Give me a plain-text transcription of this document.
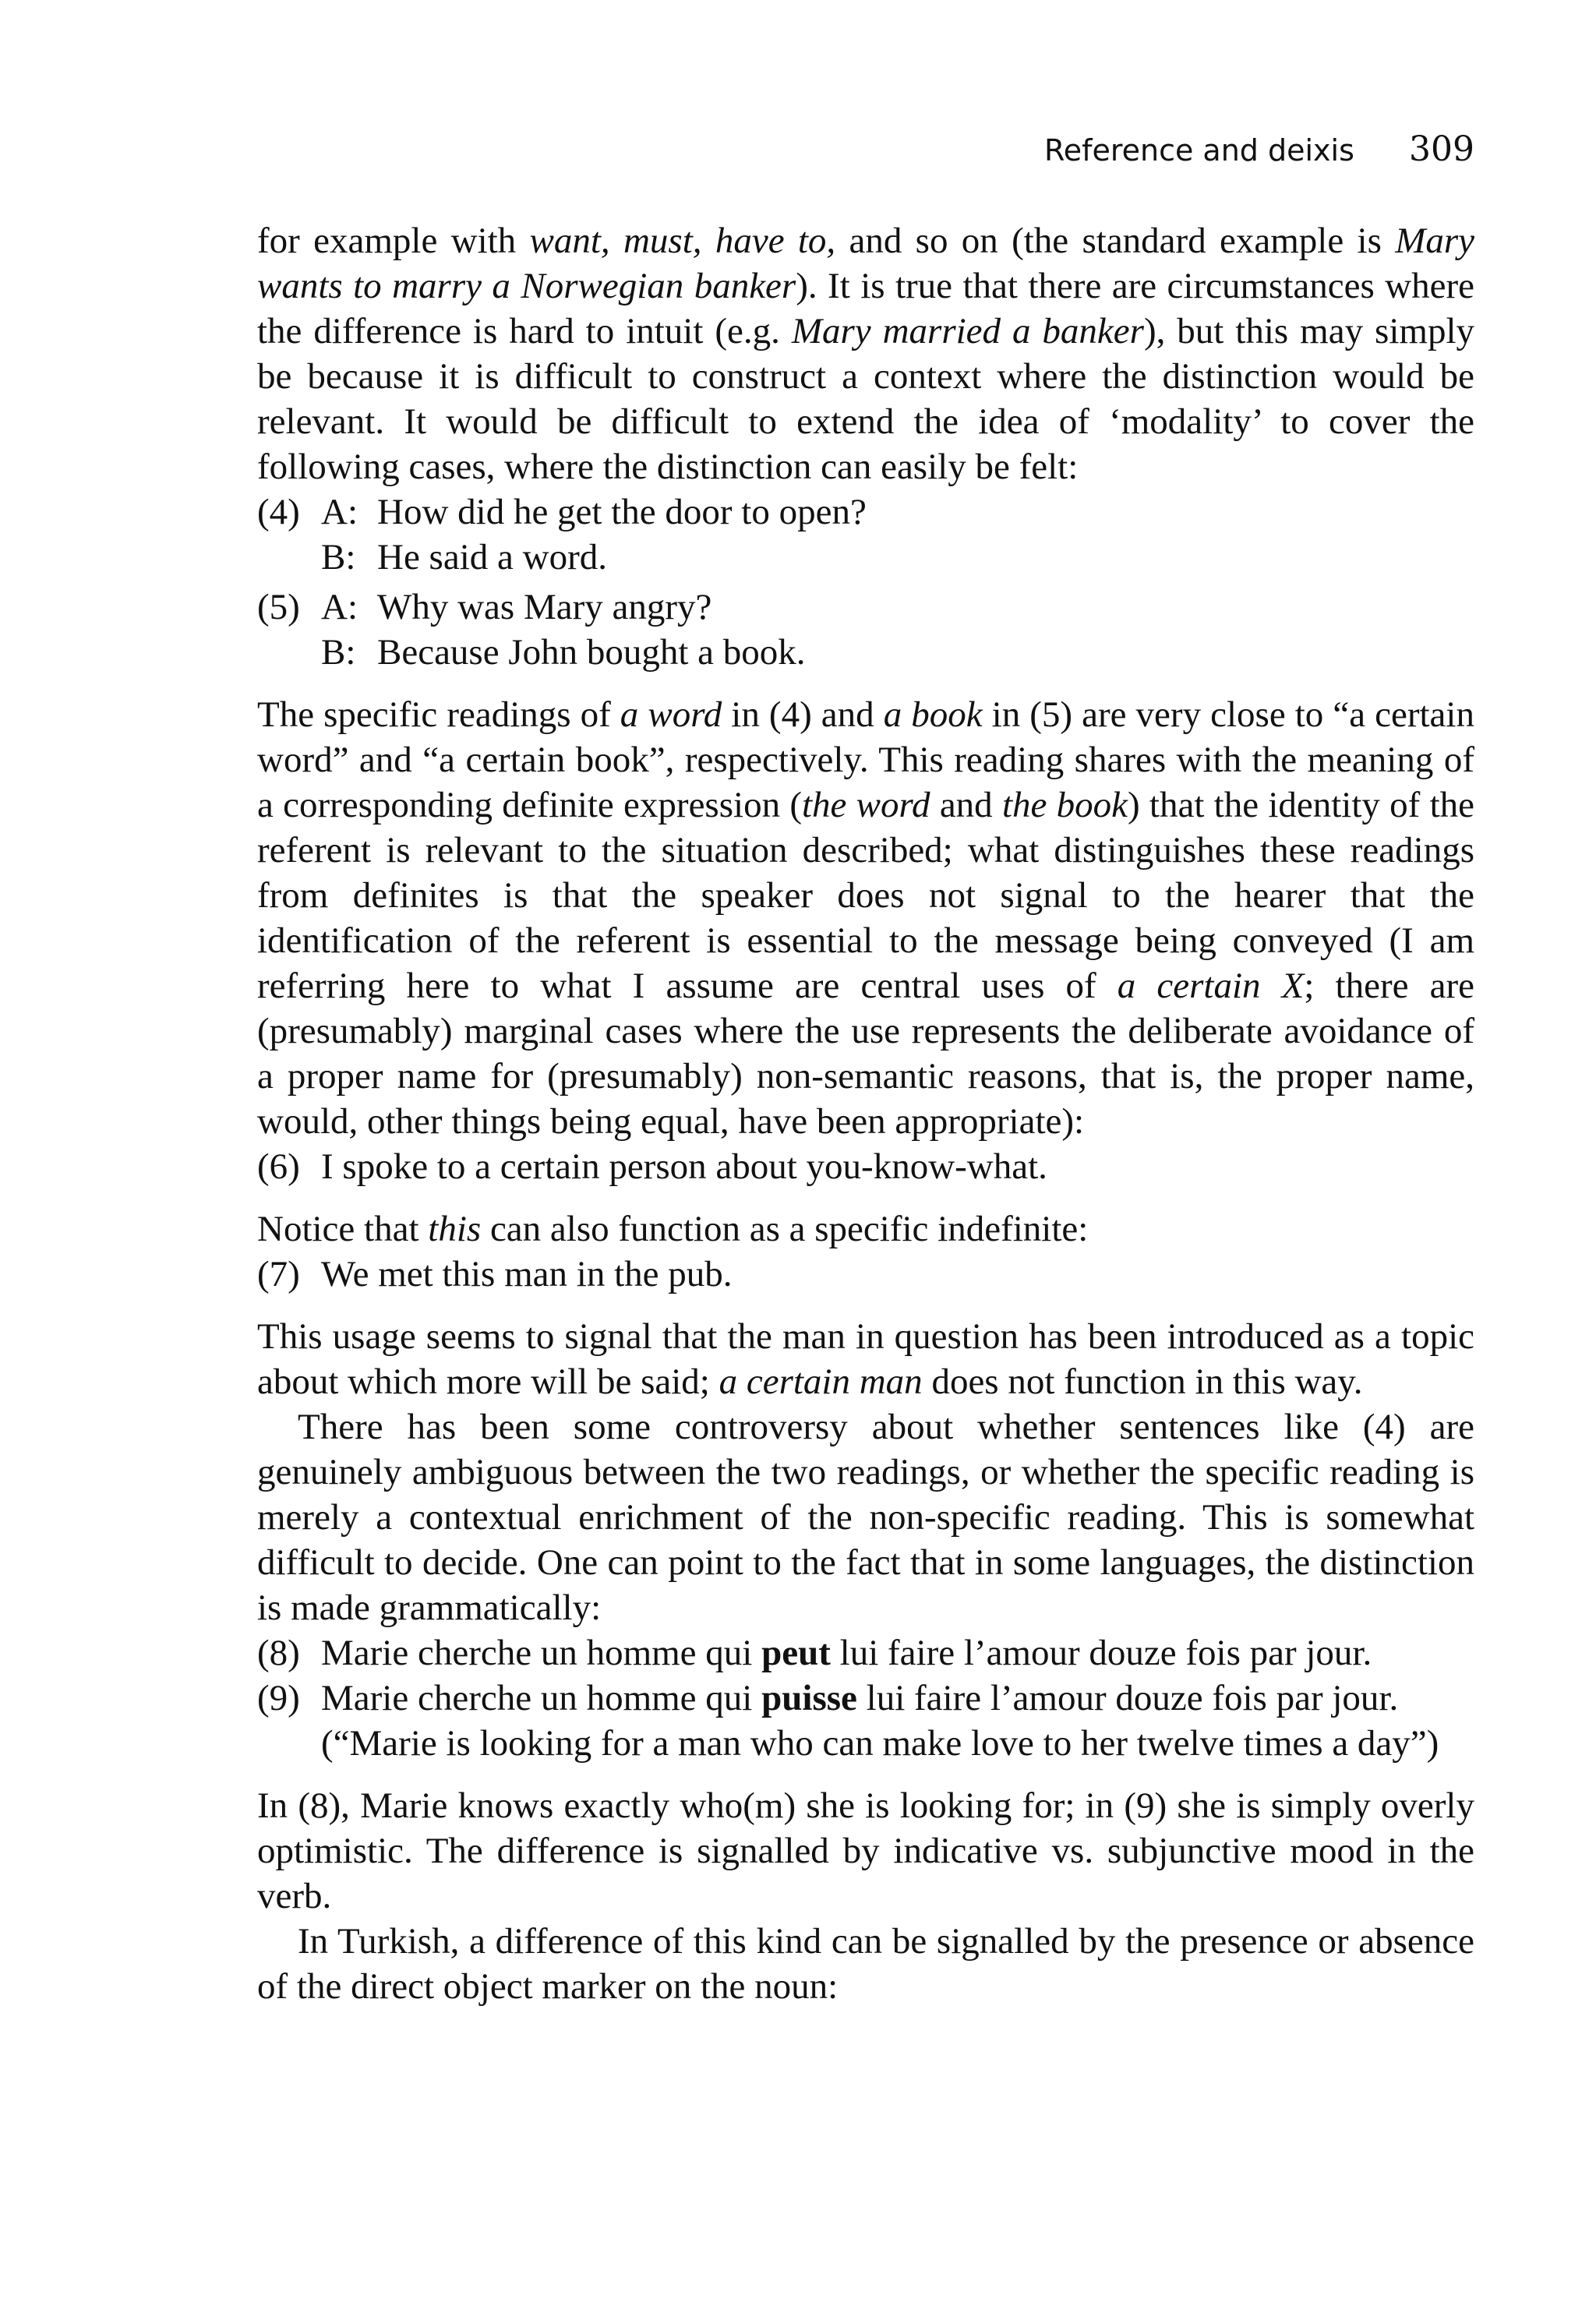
Reference and deixis 309

for example with want, must, have to, and so on (the standard example is Mary wants to marry a Norwegian banker). It is true that there are circumstances where the difference is hard to intuit (e.g. Mary married a banker), but this may simply be because it is difficult to construct a context where the distinction would be relevant. It would be difficult to extend the idea of ‘modality’ to cover the following cases, where the distinction can easily be felt:

(4) A: How did he get the door to open?
B: He said a word.
(5) A: Why was Mary angry?
B: Because John bought a book.

The specific readings of a word in (4) and a book in (5) are very close to “a certain word” and “a certain book”, respectively. This reading shares with the meaning of a corresponding definite expression (the word and the book) that the identity of the referent is relevant to the situation described; what distinguishes these readings from definites is that the speaker does not signal to the hearer that the identification of the referent is essential to the message being conveyed (I am referring here to what I assume are central uses of a certain X; there are (presumably) marginal cases where the use represents the deliberate avoidance of a proper name for (presumably) non-semantic reasons, that is, the proper name, would, other things being equal, have been appropriate):

(6) I spoke to a certain person about you-know-what.

Notice that this can also function as a specific indefinite:

(7) We met this man in the pub.

This usage seems to signal that the man in question has been introduced as a topic about which more will be said; a certain man does not function in this way.

There has been some controversy about whether sentences like (4) are genuinely ambiguous between the two readings, or whether the specific reading is merely a contextual enrichment of the non-specific reading. This is somewhat difficult to decide. One can point to the fact that in some languages, the distinction is made grammatically:

(8) Marie cherche un homme qui peut lui faire l’amour douze fois par jour.
(9) Marie cherche un homme qui puisse lui faire l’amour douze fois par jour.
(“Marie is looking for a man who can make love to her twelve times a day”)

In (8), Marie knows exactly who(m) she is looking for; in (9) she is simply overly optimistic. The difference is signalled by indicative vs. subjunctive mood in the verb.

In Turkish, a difference of this kind can be signalled by the presence or absence of the direct object marker on the noun:
